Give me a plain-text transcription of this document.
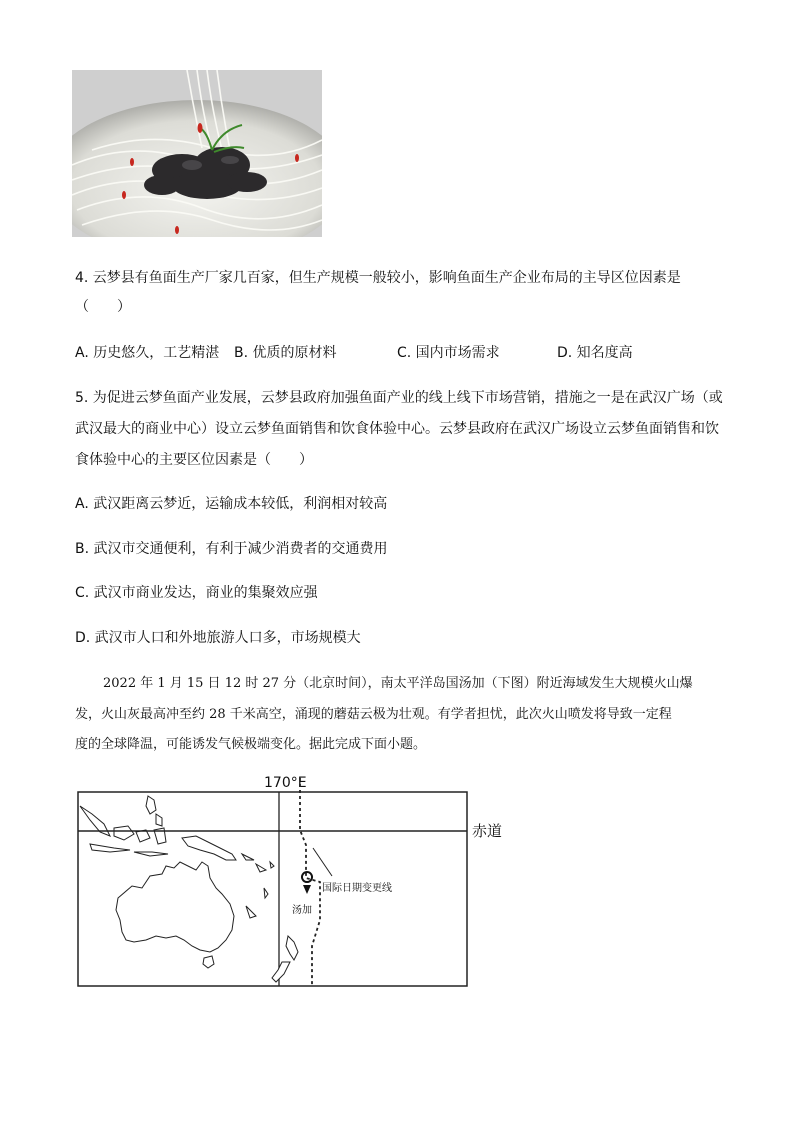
4. 云梦县有鱼面生产厂家几百家，但生产规模一般较小，影响鱼面生产企业布局的主导区位因素是
（　　）
A. 历史悠久，工艺精湛 B. 优质的原材料	C. 国内市场需求	D. 知名度高
5. 为促进云梦鱼面产业发展，云梦县政府加强鱼面产业的线上线下市场营销，措施之一是在武汉广场（或
武汉最大的商业中心）设立云梦鱼面销售和饮食体验中心。云梦县政府在武汉广场设立云梦鱼面销售和饮
食体验中心的主要区位因素是（　　）
A. 武汉距离云梦近，运输成本较低，利润相对较高
B. 武汉市交通便利，有利于减少消费者的交通费用
C. 武汉市商业发达，商业的集聚效应强
D. 武汉市人口和外地旅游人口多，市场规模大
2022 年 1 月 15 日 12 时 27 分（北京时间），南太平洋岛国汤加（下图）附近海域发生大规模火山爆
发，火山灰最高冲至约 28 千米高空，涌现的蘑菇云极为壮观。有学者担忧，此次火山喷发将导致一定程
度的全球降温，可能诱发气候极端变化。据此完成下面小题。
170°E
赤道
国际日期变更线
汤加
